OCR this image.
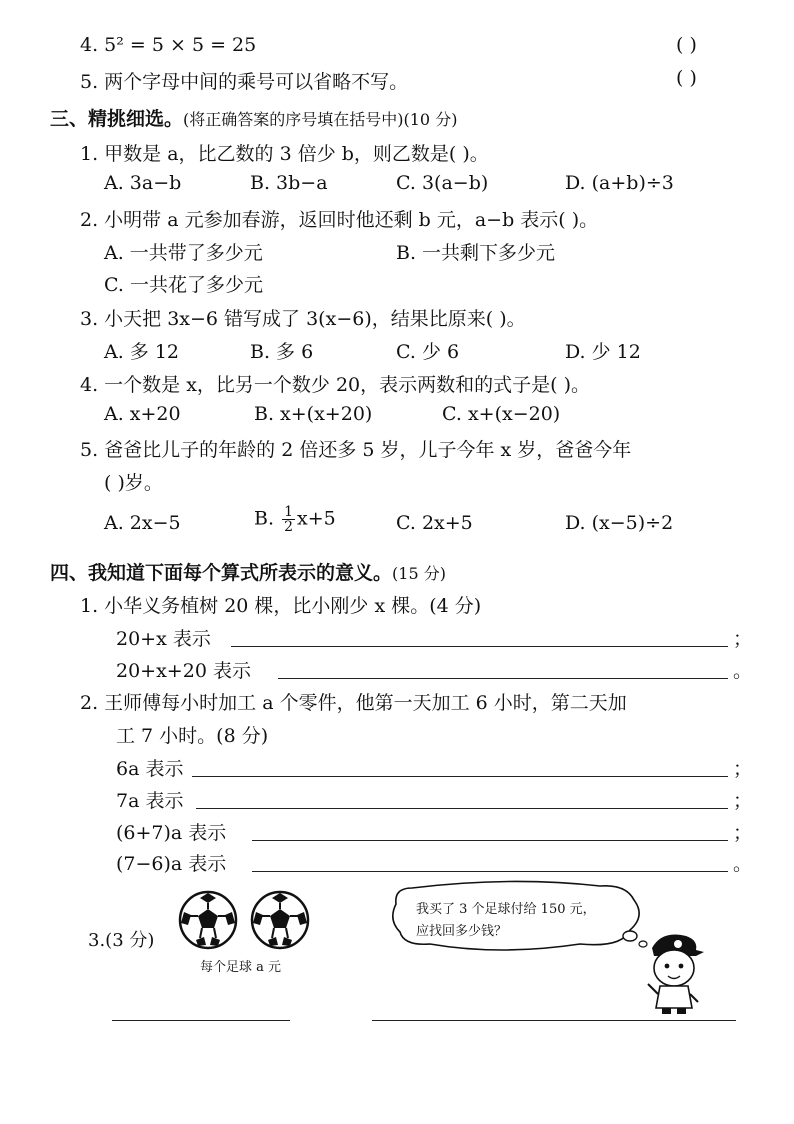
4. 5² = 5 × 5 = 25	( )
5. 两个字母中间的乘号可以省略不写。	( )
三、精挑细选。(将正确答案的序号填在括号中)(10 分)
1. 甲数是 a，比乙数的 3 倍少 b，则乙数是( )。
A. 3a−b	B. 3b−a	C. 3(a−b)	D. (a+b)÷3
2. 小明带 a 元参加春游，返回时他还剩 b 元，a−b 表示( )。
A. 一共带了多少元	B. 一共剩下多少元
C. 一共花了多少元
3. 小天把 3x−6 错写成了 3(x−6)，结果比原来( )。
A. 多 12	B. 多 6	C. 少 6	D. 少 12
4. 一个数是 x，比另一个数少 20，表示两数和的式子是( )。
A. x+20	B. x+(x+20)	C. x+(x−20)
5. 爸爸比儿子的年龄的 2 倍还多 5 岁，儿子今年 x 岁，爸爸今年
( )岁。
A. 2x−5	B. $\frac{1}{2} x+5$	C. 2x+5	D. (x−5)÷2
四、我知道下面每个算式所表示的意义。(15 分)
1. 小华义务植树 20 棵，比小刚少 x 棵。(4 分)
20+x 表示	；
20+x+20 表示	。
2. 王师傅每小时加工 a 个零件，他第一天加工 6 小时，第二天加
工 7 小时。(8 分)
6a 表示	；
7a 表示	；
(6+7)a 表示	；
(7−6)a 表示	。
3.(3 分)
每个足球 a 元
我买了 3 个足球付给 150 元，
应找回多少钱？
